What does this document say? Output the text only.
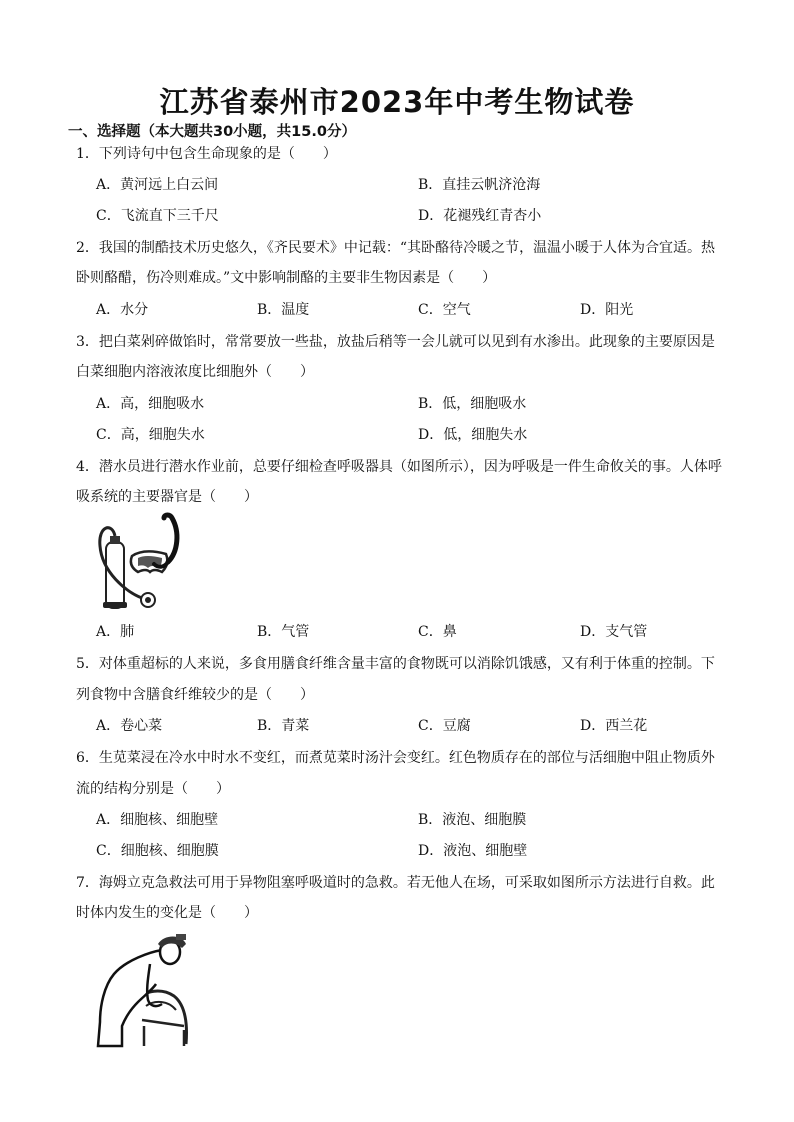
江苏省泰州市2023年中考生物试卷
一、选择题（本大题共30小题，共15.0分）
1．下列诗句中包含生命现象的是（　　）
A．黄河远上白云间	B．直挂云帆济沧海
C．飞流直下三千尺	D．花褪残红青杏小
2．我国的制酷技术历史悠久，《齐民要术》中记载：“其卧酪待冷暖之节，温温小暖于人体为合宜适。热
卧则酪醋，伤冷则难成。”文中影响制酪的主要非生物因素是（　　）
A．水分	B．温度	C．空气	D．阳光
3．把白菜剁碎做馅时，常常要放一些盐，放盐后稍等一会儿就可以见到有水渗出。此现象的主要原因是
白菜细胞内溶液浓度比细胞外（　　）
A．高，细胞吸水	B．低，细胞吸水
C．高，细胞失水	D．低，细胞失水
4．潜水员进行潜水作业前，总要仔细检查呼吸器具（如图所示），因为呼吸是一件生命攸关的事。人体呼
吸系统的主要器官是（　　）
A．肺	B．气管	C．鼻	D．支气管
5．对体重超标的人来说，多食用膳食纤维含量丰富的食物既可以消除饥饿感，又有利于体重的控制。下
列食物中含膳食纤维较少的是（　　）
A．卷心菜	B．青菜	C．豆腐	D．西兰花
6．生苋菜浸在冷水中时水不变红，而煮苋菜时汤汁会变红。红色物质存在的部位与活细胞中阻止物质外
流的结构分别是（　　）
A．细胞核、细胞壁	B．液泡、细胞膜
C．细胞核、细胞膜	D．液泡、细胞壁
7．海姆立克急救法可用于异物阻塞呼吸道时的急救。若无他人在场，可采取如图所示方法进行自救。此
时体内发生的变化是（　　）
